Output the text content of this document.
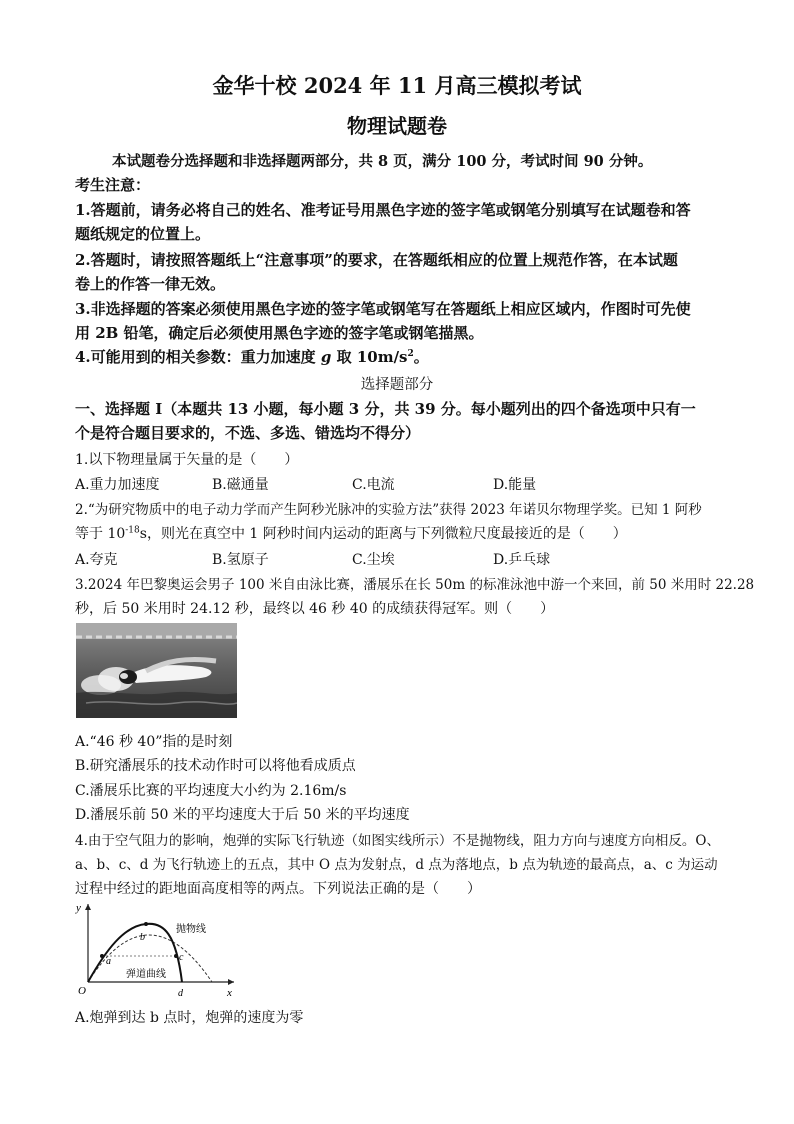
金华十校 2024 年 11 月高三模拟考试
物理试题卷
本试题卷分选择题和非选择题两部分，共 8 页，满分 100 分，考试时间 90 分钟。
考生注意：
1.答题前，请务必将自己的姓名、准考证号用黑色字迹的签字笔或钢笔分别填写在试题卷和答
题纸规定的位置上。
2.答题时，请按照答题纸上“注意事项”的要求，在答题纸相应的位置上规范作答，在本试题
卷上的作答一律无效。
3.非选择题的答案必须使用黑色字迹的签字笔或钢笔写在答题纸上相应区域内，作图时可先使
用 2B 铅笔，确定后必须使用黑色字迹的签字笔或钢笔描黑。
4.可能用到的相关参数：重力加速度 g 取 $10m/s^2$。
选择题部分
一、选择题 Ⅰ（本题共 13 小题，每小题 3 分，共 39 分。每小题列出的四个备选项中只有一
个是符合题目要求的，不选、多选、错选均不得分）
1.以下物理量属于矢量的是（　　）
A.重力加速度	B.磁通量	C.电流	D.能量
2.“为研究物质中的电子动力学而产生阿秒光脉冲的实验方法”获得 2023 年诺贝尔物理学奖。已知 1 阿秒
等于 $10^{-18}s$，则光在真空中 1 阿秒时间内运动的距离与下列微粒尺度最接近的是（　　）
A.夸克	B.氢原子	C.尘埃	D.乒乓球
3.2024 年巴黎奥运会男子 100 米自由泳比赛，潘展乐在长 50m 的标准泳池中游一个来回，前 50 米用时 22.28
秒，后 50 米用时 24.12 秒，最终以 46 秒 40 的成绩获得冠军。则（　　）
A.“46 秒 40”指的是时刻
B.研究潘展乐的技术动作时可以将他看成质点
C.潘展乐比赛的平均速度大小约为 2.16m/s
D.潘展乐前 50 米的平均速度大于后 50 米的平均速度
4.由于空气阻力的影响，炮弹的实际飞行轨迹（如图实线所示）不是抛物线，阻力方向与速度方向相反。O、
a、b、c、d 为飞行轨迹上的五点，其中 O 点为发射点，d 点为落地点，b 点为轨迹的最高点，a、c 为运动
过程中经过的距地面高度相等的两点。下列说法正确的是（　　）
y
x
O
a
b
c
d
抛物线
弹道曲线
A.炮弹到达 b 点时，炮弹的速度为零
